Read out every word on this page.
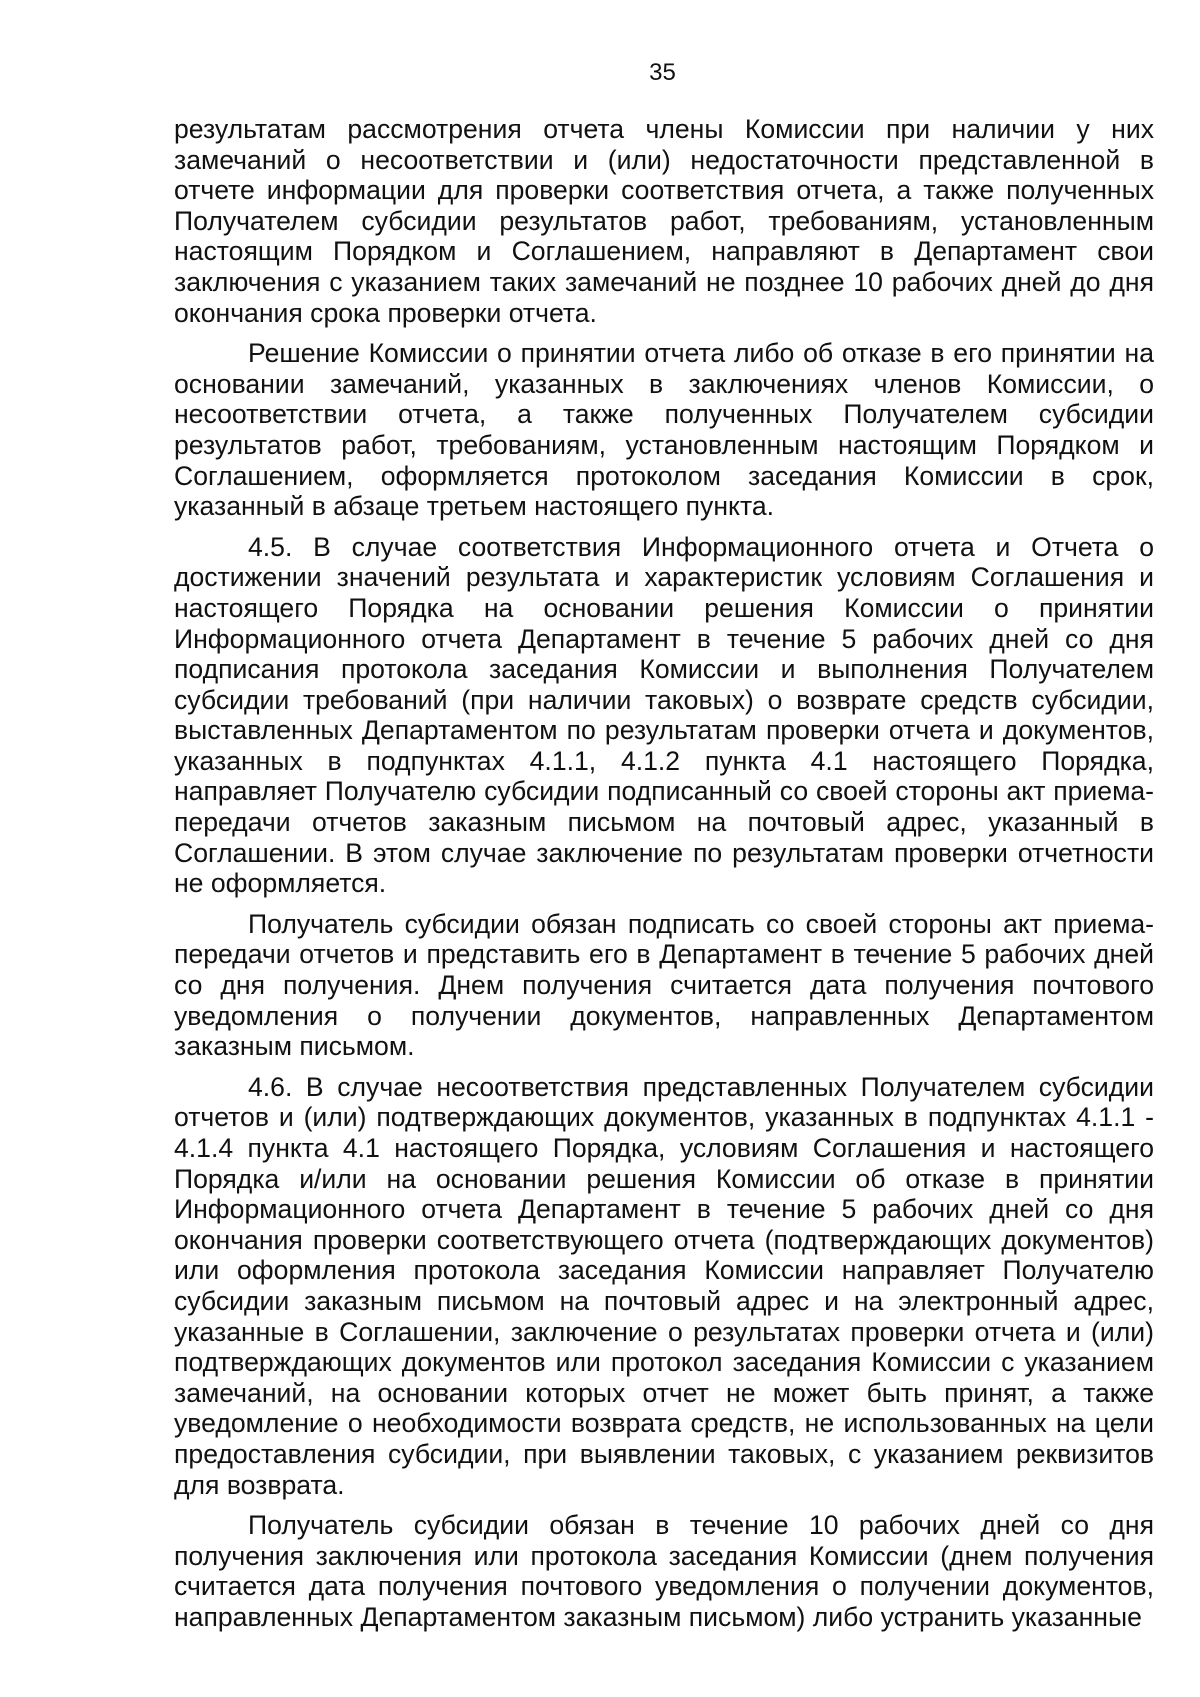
35

результатам рассмотрения отчета члены Комиссии при наличии у них замечаний о несоответствии и (или) недостаточности представленной в отчете информации для проверки соответствия отчета, а также полученных Получателем субсидии результатов работ, требованиям, установленным настоящим Порядком и Соглашением, направляют в Департамент свои заключения с указанием таких замечаний не позднее 10 рабочих дней до дня окончания срока проверки отчета.

Решение Комиссии о принятии отчета либо об отказе в его принятии на основании замечаний, указанных в заключениях членов Комиссии, о несоответствии отчета, а также полученных Получателем субсидии результатов работ, требованиям, установленным настоящим Порядком и Соглашением, оформляется протоколом заседания Комиссии в срок, указанный в абзаце третьем настоящего пункта.

4.5. В случае соответствия Информационного отчета и Отчета о достижении значений результата и характеристик условиям Соглашения и настоящего Порядка на основании решения Комиссии о принятии Информационного отчета Департамент в течение 5 рабочих дней со дня подписания протокола заседания Комиссии и выполнения Получателем субсидии требований (при наличии таковых) о возврате средств субсидии, выставленных Департаментом по результатам проверки отчета и документов, указанных в подпунктах 4.1.1, 4.1.2 пункта 4.1 настоящего Порядка, направляет Получателю субсидии подписанный со своей стороны акт приема-передачи отчетов заказным письмом на почтовый адрес, указанный в Соглашении. В этом случае заключение по результатам проверки отчетности не оформляется.

Получатель субсидии обязан подписать со своей стороны акт приема-передачи отчетов и представить его в Департамент в течение 5 рабочих дней со дня получения. Днем получения считается дата получения почтового уведомления о получении документов, направленных Департаментом заказным письмом.

4.6. В случае несоответствия представленных Получателем субсидии отчетов и (или) подтверждающих документов, указанных в подпунктах 4.1.1 - 4.1.4 пункта 4.1 настоящего Порядка, условиям Соглашения и настоящего Порядка и/или на основании решения Комиссии об отказе в принятии Информационного отчета Департамент в течение 5 рабочих дней со дня окончания проверки соответствующего отчета (подтверждающих документов) или оформления протокола заседания Комиссии направляет Получателю субсидии заказным письмом на почтовый адрес и на электронный адрес, указанные в Соглашении, заключение о результатах проверки отчета и (или) подтверждающих документов или протокол заседания Комиссии с указанием замечаний, на основании которых отчет не может быть принят, а также уведомление о необходимости возврата средств, не использованных на цели предоставления субсидии, при выявлении таковых, с указанием реквизитов для возврата.

Получатель субсидии обязан в течение 10 рабочих дней со дня получения заключения или протокола заседания Комиссии (днем получения считается дата получения почтового уведомления о получении документов, направленных Департаментом заказным письмом) либо устранить указанные
